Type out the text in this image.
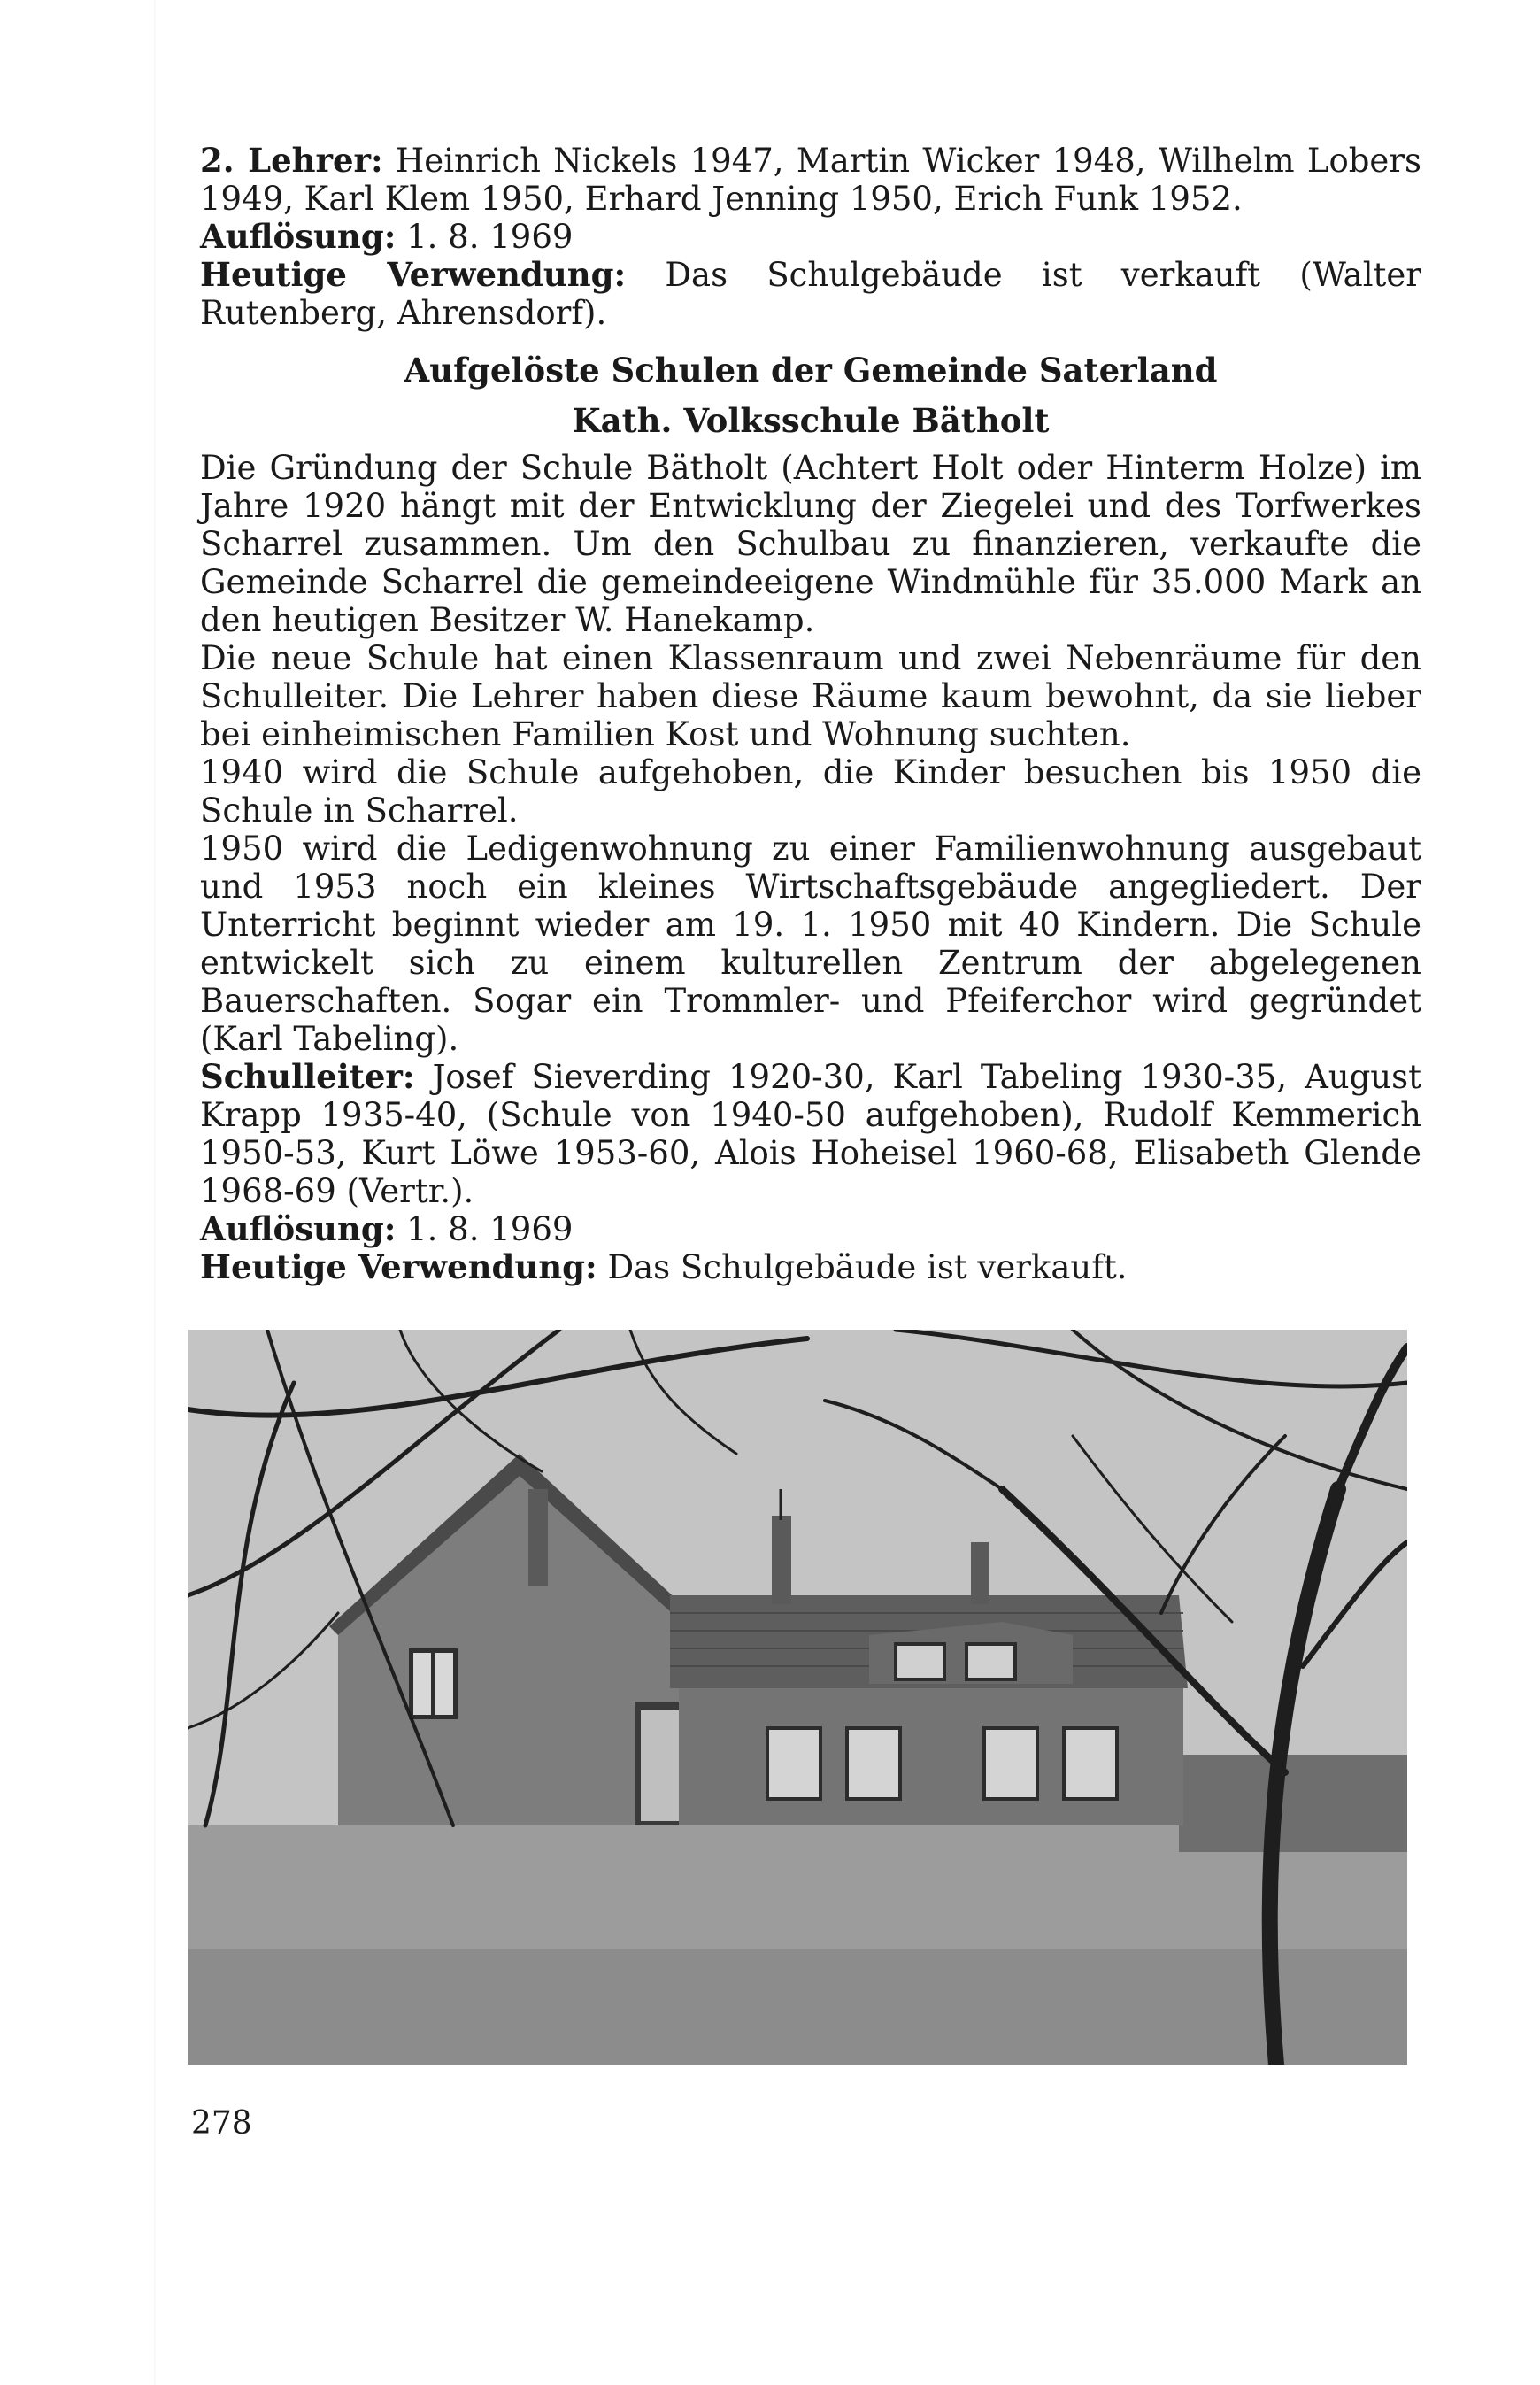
2. Lehrer: Heinrich Nickels 1947, Martin Wicker 1948, Wilhelm Lobers 1949, Karl Klem 1950, Erhard Jenning 1950, Erich Funk 1952.

Auflösung: 1. 8. 1969

Heutige Verwendung: Das Schulgebäude ist verkauft (Walter Rutenberg, Ahrensdorf).

Aufgelöste Schulen der Gemeinde Saterland
Kath. Volksschule Bätholt

Die Gründung der Schule Bätholt (Achtert Holt oder Hinterm Holze) im Jahre 1920 hängt mit der Entwicklung der Ziegelei und des Torfwerkes Scharrel zusammen. Um den Schulbau zu finanzieren, verkaufte die Gemeinde Scharrel die gemeindeeigene Windmühle für 35.000 Mark an den heutigen Besitzer W. Hanekamp.

Die neue Schule hat einen Klassenraum und zwei Nebenräume für den Schulleiter. Die Lehrer haben diese Räume kaum bewohnt, da sie lieber bei einheimischen Familien Kost und Wohnung suchten.

1940 wird die Schule aufgehoben, die Kinder besuchen bis 1950 die Schule in Scharrel.

1950 wird die Ledigenwohnung zu einer Familienwohnung ausgebaut und 1953 noch ein kleines Wirtschaftsgebäude angegliedert. Der Unterricht beginnt wieder am 19. 1. 1950 mit 40 Kindern. Die Schule entwickelt sich zu einem kulturellen Zentrum der abgelegenen Bauerschaften. Sogar ein Trommler- und Pfeiferchor wird gegründet (Karl Tabeling).

Schulleiter: Josef Sieverding 1920-30, Karl Tabeling 1930-35, August Krapp 1935-40, (Schule von 1940-50 aufgehoben), Rudolf Kemmerich 1950-53, Kurt Löwe 1953-60, Alois Hoheisel 1960-68, Elisabeth Glende 1968-69 (Vertr.).

Auflösung: 1. 8. 1969

Heutige Verwendung: Das Schulgebäude ist verkauft.

278
